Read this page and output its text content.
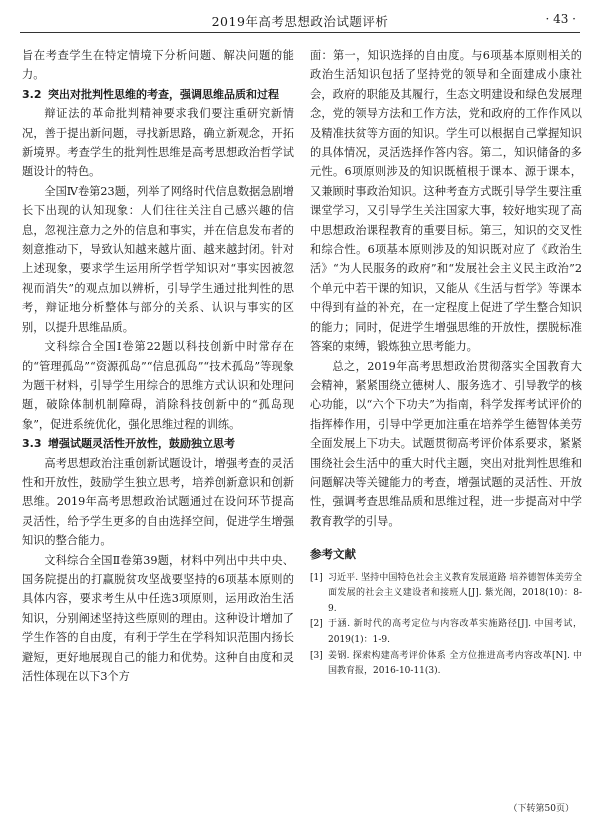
2019年高考思想政治试题评析	· 43 ·

旨在考查学生在特定情境下分析问题、解决问题的能力。

3.2 突出对批判性思维的考查，强调思维品质和过程

辩证法的革命批判精神要求我们要注重研究新情况，善于提出新问题，寻找新思路，确立新观念，开拓新境界。考查学生的批判性思维是高考思想政治哲学试题设计的特色。

全国Ⅳ卷第23题，列举了网络时代信息数据急剧增长下出现的认知现象：人们往往关注自己感兴趣的信息，忽视注意力之外的信息和事实，并在信息发布者的刻意推动下，导致认知越来越片面、越来越封闭。针对上述现象，要求学生运用所学哲学知识对“事实因被忽视而消失”的观点加以辨析，引导学生通过批判性的思考，辩证地分析整体与部分的关系、认识与事实的区别，以提升思维品质。

文科综合全国Ⅰ卷第22题以科技创新中时常存在的“管理孤岛”“资源孤岛”“信息孤岛”“技术孤岛”等现象为题干材料，引导学生用综合的思维方式认识和处理问题，破除体制机制障碍，消除科技创新中的“孤岛现象”，促进系统优化，强化思维过程的训练。

3.3 增强试题灵活性开放性，鼓励独立思考

高考思想政治注重创新试题设计，增强考查的灵活性和开放性，鼓励学生独立思考，培养创新意识和创新思维。2019年高考思想政治试题通过在设问环节提高灵活性，给予学生更多的自由选择空间，促进学生增强知识的整合能力。

文科综合全国Ⅱ卷第39题，材料中列出中共中央、国务院提出的打赢脱贫攻坚战要坚持的6项基本原则的具体内容，要求考生从中任选3项原则，运用政治生活知识，分别阐述坚持这些原则的理由。这种设计增加了学生作答的自由度，有利于学生在学科知识范围内扬长避短，更好地展现自己的能力和优势。这种自由度和灵活性体现在以下3个方

面：第一，知识选择的自由度。与6项基本原则相关的政治生活知识包括了坚持党的领导和全面建成小康社会，政府的职能及其履行，生态文明建设和绿色发展理念，党的领导方法和工作方法，党和政府的工作作风以及精准扶贫等方面的知识。学生可以根据自己掌握知识的具体情况，灵活选择作答内容。第二，知识储备的多元性。6项原则涉及的知识既植根于课本、源于课本，又兼顾时事政治知识。这种考查方式既引导学生要注重课堂学习，又引导学生关注国家大事，较好地实现了高中思想政治课程教育的重要目标。第三，知识的交叉性和综合性。6项基本原则涉及的知识既对应了《政治生活》“为人民服务的政府”和“发展社会主义民主政治”2个单元中若干课的知识，又能从《生活与哲学》等课本中得到有益的补充，在一定程度上促进了学生整合知识的能力；同时，促进学生增强思维的开放性，摆脱标准答案的束缚，锻炼独立思考能力。

总之，2019年高考思想政治贯彻落实全国教育大会精神，紧紧围绕立德树人、服务选才、引导教学的核心功能，以“六个下功夫”为指南，科学发挥考试评价的指挥棒作用，引导中学更加注重在培养学生德智体美劳全面发展上下功夫。试题贯彻高考评价体系要求，紧紧围绕社会生活中的重大时代主题，突出对批判性思维和问题解决等关键能力的考查，增强试题的灵活性、开放性，强调考查思维品质和思维过程，进一步提高对中学教育教学的引导。

参考文献
[1] 习近平. 坚持中国特色社会主义教育发展道路 培养德智体美劳全面发展的社会主义建设者和接班人[J]. 紫光阁，2018(10)：8-9.
[2] 于涵. 新时代的高考定位与内容改革实施路径[J]. 中国考试，2019(1)：1-9.
[3] 姜钢. 探索构建高考评价体系 全方位推进高考内容改革[N]. 中国教育报，2016-10-11(3).
（下转第50页）
